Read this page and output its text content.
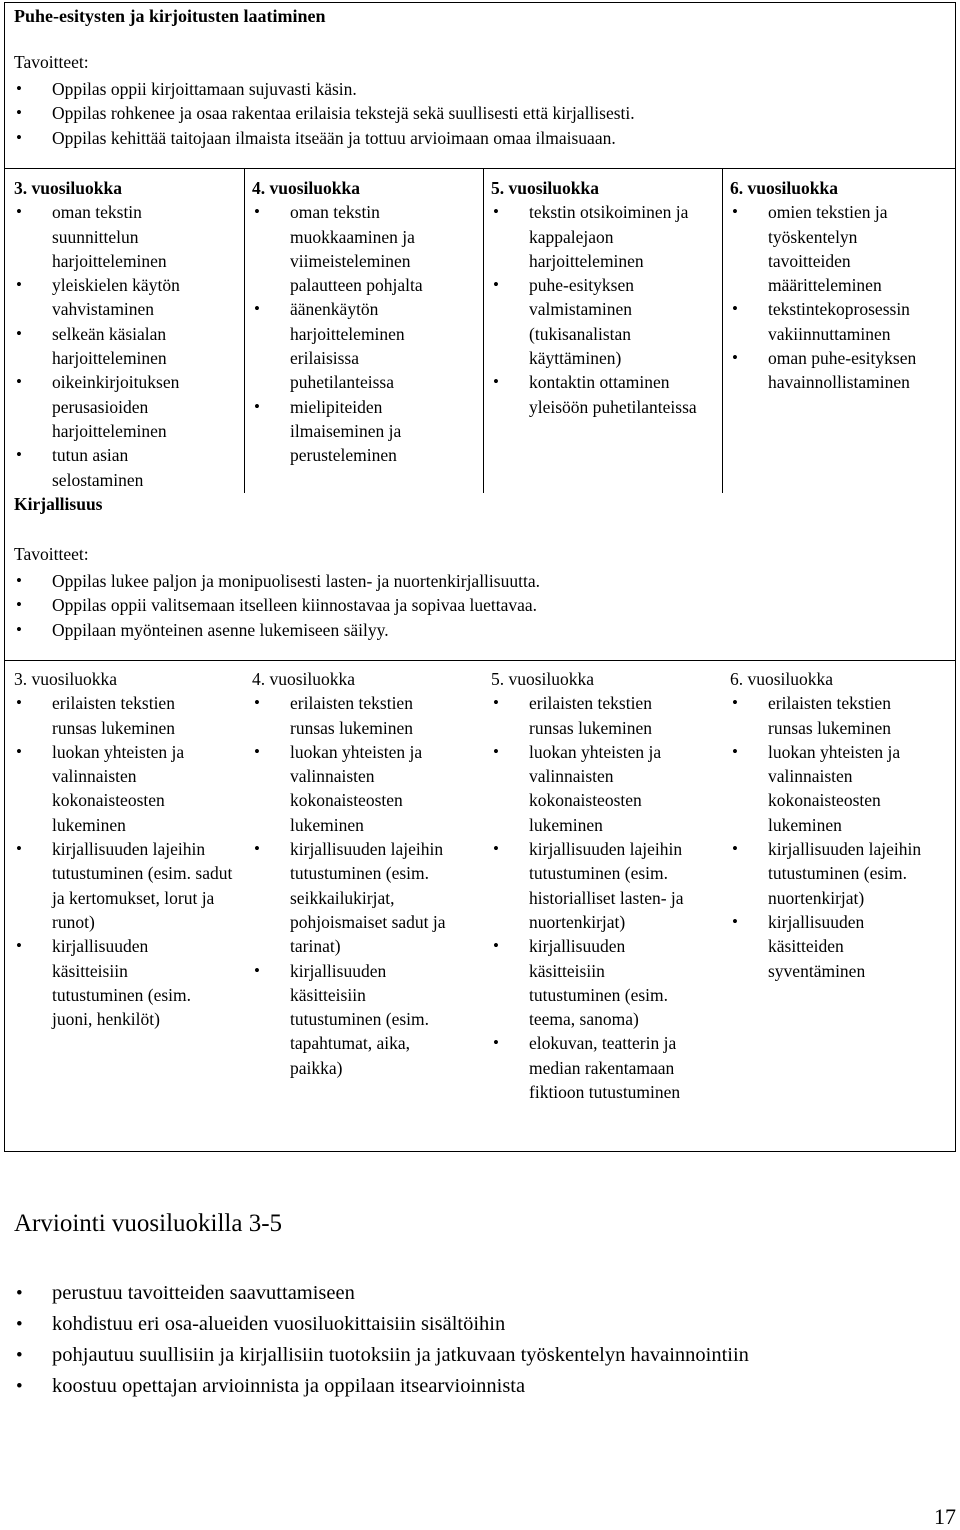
Puhe-esitysten ja kirjoitusten laatiminen
Tavoitteet:
• Oppilas oppii kirjoittamaan sujuvasti käsin.
• Oppilas rohkenee ja osaa rakentaa erilaisia tekstejä sekä suullisesti että kirjallisesti.
• Oppilas kehittää taitojaan ilmaista itseään ja tottuu arvioimaan omaa ilmaisuaan.
3. vuosiluokka
• oman tekstin suunnittelun harjoitteleminen
• yleiskielen käytön vahvistaminen
• selkeän käsialan harjoitteleminen
• oikeinkirjoituksen perusasioiden harjoitteleminen
• tutun asian selostaminen
Kirjallisuus
4. vuosiluokka
• oman tekstin muokkaaminen ja viimeisteleminen palautteen pohjalta
• äänenkäytön harjoitteleminen erilaisissa puhetilanteissa
• mielipiteiden ilmaiseminen ja perusteleminen
5. vuosiluokka
• tekstin otsikoiminen ja kappalejaon harjoitteleminen
• puhe-esityksen valmistaminen (tukisanalistan käyttäminen)
• kontaktin ottaminen yleisöön puhetilanteissa
6. vuosiluokka
• omien tekstien ja työskentelyn tavoitteiden määritteleminen
• tekstintekoprosessin vakiinnuttaminen
• oman puhe-esityksen havainnollistaminen
Tavoitteet:
• Oppilas lukee paljon ja monipuolisesti lasten- ja nuortenkirjallisuutta.
• Oppilas oppii valitsemaan itselleen kiinnostavaa ja sopivaa luettavaa.
• Oppilaan myönteinen asenne lukemiseen säilyy.
3. vuosiluokka
• erilaisten tekstien runsas lukeminen
• luokan yhteisten ja valinnaisten kokonaisteosten lukeminen
• kirjallisuuden lajeihin tutustuminen (esim. sadut ja kertomukset, lorut ja runot)
• kirjallisuuden käsitteisiin tutustuminen (esim. juoni, henkilöt)
4. vuosiluokka
• erilaisten tekstien runsas lukeminen
• luokan yhteisten ja valinnaisten kokonaisteosten lukeminen
• kirjallisuuden lajeihin tutustuminen (esim. seikkailukirjat, pohjoismaiset sadut ja tarinat)
• kirjallisuuden käsitteisiin tutustuminen (esim. tapahtumat, aika, paikka)
5. vuosiluokka
• erilaisten tekstien runsas lukeminen
• luokan yhteisten ja valinnaisten kokonaisteosten lukeminen
• kirjallisuuden lajeihin tutustuminen (esim. historialliset lasten- ja nuortenkirjat)
• kirjallisuuden käsitteisiin tutustuminen (esim. teema, sanoma)
• elokuvan, teatterin ja median rakentamaan fiktioon tutustuminen
6. vuosiluokka
• erilaisten tekstien runsas lukeminen
• luokan yhteisten ja valinnaisten kokonaisteosten lukeminen
• kirjallisuuden lajeihin tutustuminen (esim. nuortenkirjat)
• kirjallisuuden käsitteiden syventäminen
Arviointi vuosiluokilla 3-5
• perustuu tavoitteiden saavuttamiseen
• kohdistuu eri osa-alueiden vuosiluokittaisiin sisältöihin
• pohjautuu suullisiin ja kirjallisiin tuotoksiin ja jatkuvaan työskentelyn havainnointiin
• koostuu opettajan arvioinnista ja oppilaan itsearvioinnista
17
